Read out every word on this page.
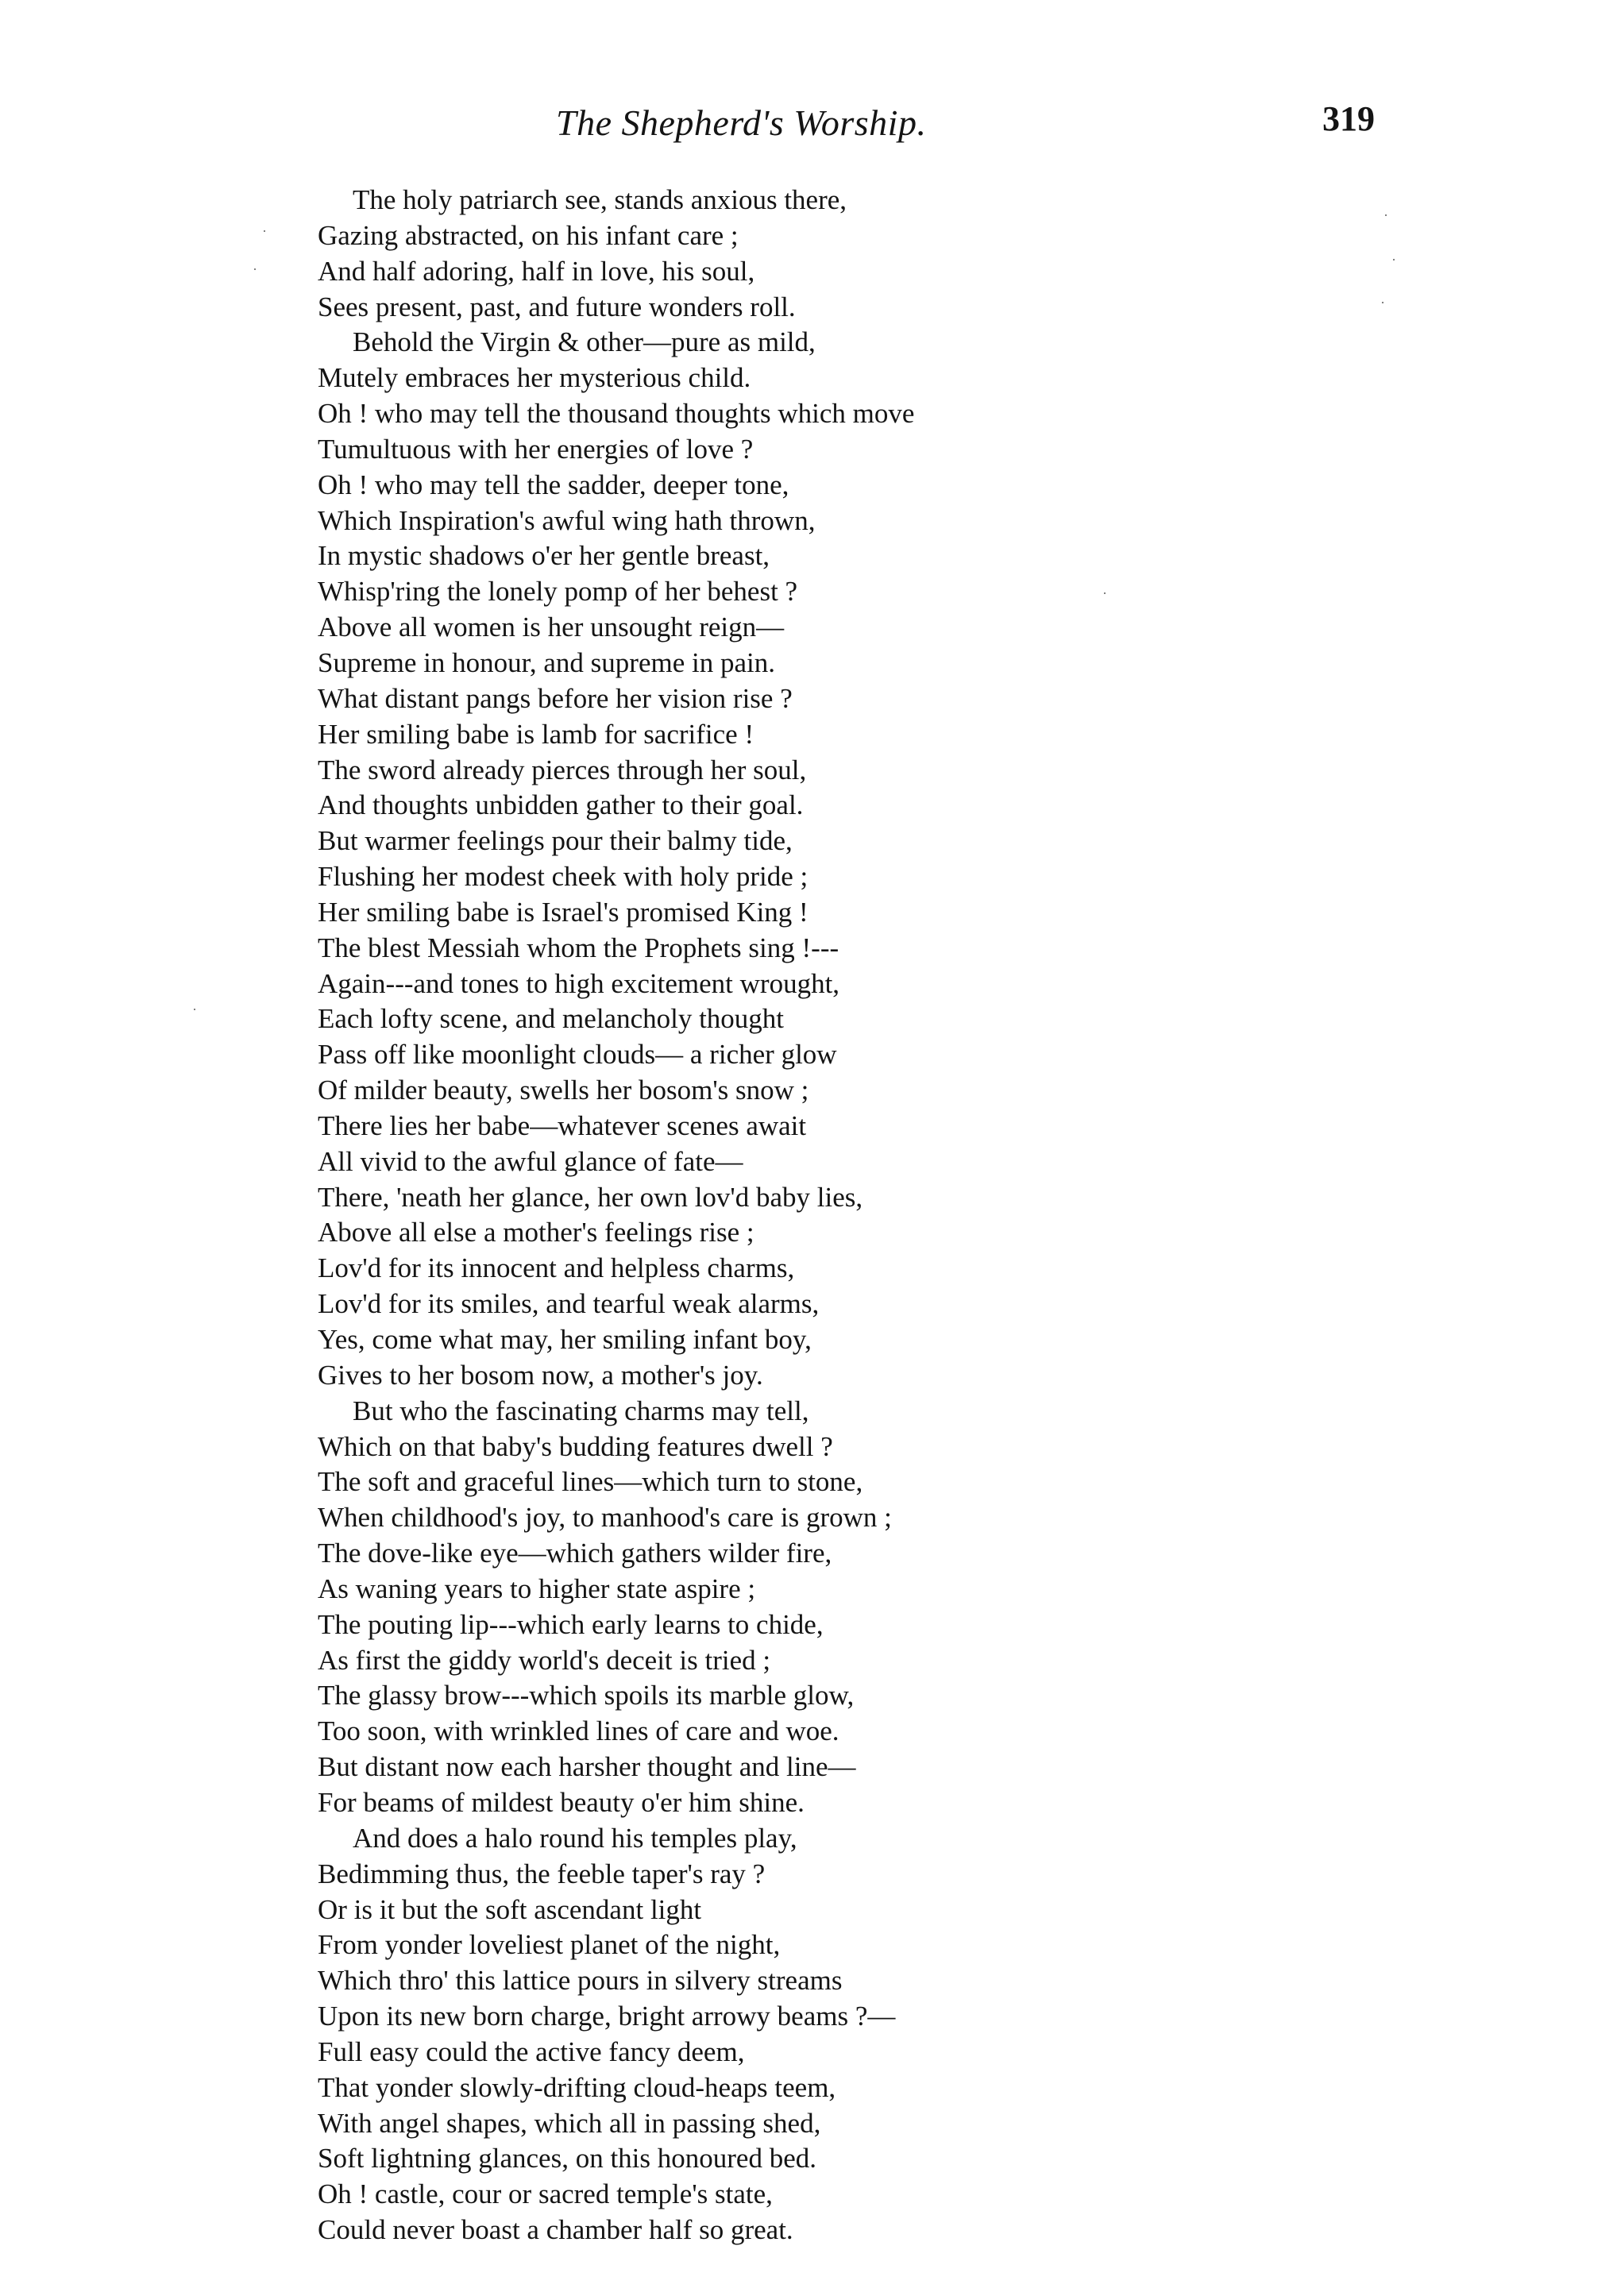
The Shepherd's Worship.	319
The holy patriarch see, stands anxious there,
Gazing abstracted, on his infant care ;
And half adoring, half in love, his soul,
Sees present, past, and future wonders roll.
Behold the Virgin & other—pure as mild,
Mutely embraces her mysterious child.
Oh ! who may tell the thousand thoughts which move
Tumultuous with her energies of love ?
Oh ! who may tell the sadder, deeper tone,
Which Inspiration's awful wing hath thrown,
In mystic shadows o'er her gentle breast,
Whisp'ring the lonely pomp of her behest ?
Above all women is her unsought reign—
Supreme in honour, and supreme in pain.
What distant pangs before her vision rise ?
Her smiling babe is lamb for sacrifice !
The sword already pierces through her soul,
And thoughts unbidden gather to their goal.
But warmer feelings pour their balmy tide,
Flushing her modest cheek with holy pride ;
Her smiling babe is Israel's promised King !
The blest Messiah whom the Prophets sing !---
Again---and tones to high excitement wrought,
Each lofty scene, and melancholy thought
Pass off like moonlight clouds— a richer glow
Of milder beauty, swells her bosom's snow ;
There lies her babe—whatever scenes await
All vivid to the awful glance of fate—
There, 'neath her glance, her own lov'd baby lies,
Above all else a mother's feelings rise ;
Lov'd for its innocent and helpless charms,
Lov'd for its smiles, and tearful weak alarms,
Yes, come what may, her smiling infant boy,
Gives to her bosom now, a mother's joy.
But who the fascinating charms may tell,
Which on that baby's budding features dwell ?
The soft and graceful lines—which turn to stone,
When childhood's joy, to manhood's care is grown ;
The dove-like eye—which gathers wilder fire,
As waning years to higher state aspire ;
The pouting lip---which early learns to chide,
As first the giddy world's deceit is tried ;
The glassy brow---which spoils its marble glow,
Too soon, with wrinkled lines of care and woe.
But distant now each harsher thought and line—
For beams of mildest beauty o'er him shine.
And does a halo round his temples play,
Bedimming thus, the feeble taper's ray ?
Or is it but the soft ascendant light
From yonder loveliest planet of the night,
Which thro' this lattice pours in silvery streams
Upon its new born charge, bright arrowy beams ?—
Full easy could the active fancy deem,
That yonder slowly-drifting cloud-heaps teem,
With angel shapes, which all in passing shed,
Soft lightning glances, on this honoured bed.
Oh ! castle, cour or sacred temple's state,
Could never boast a chamber half so great.
·
·
·
·
·
·
·
